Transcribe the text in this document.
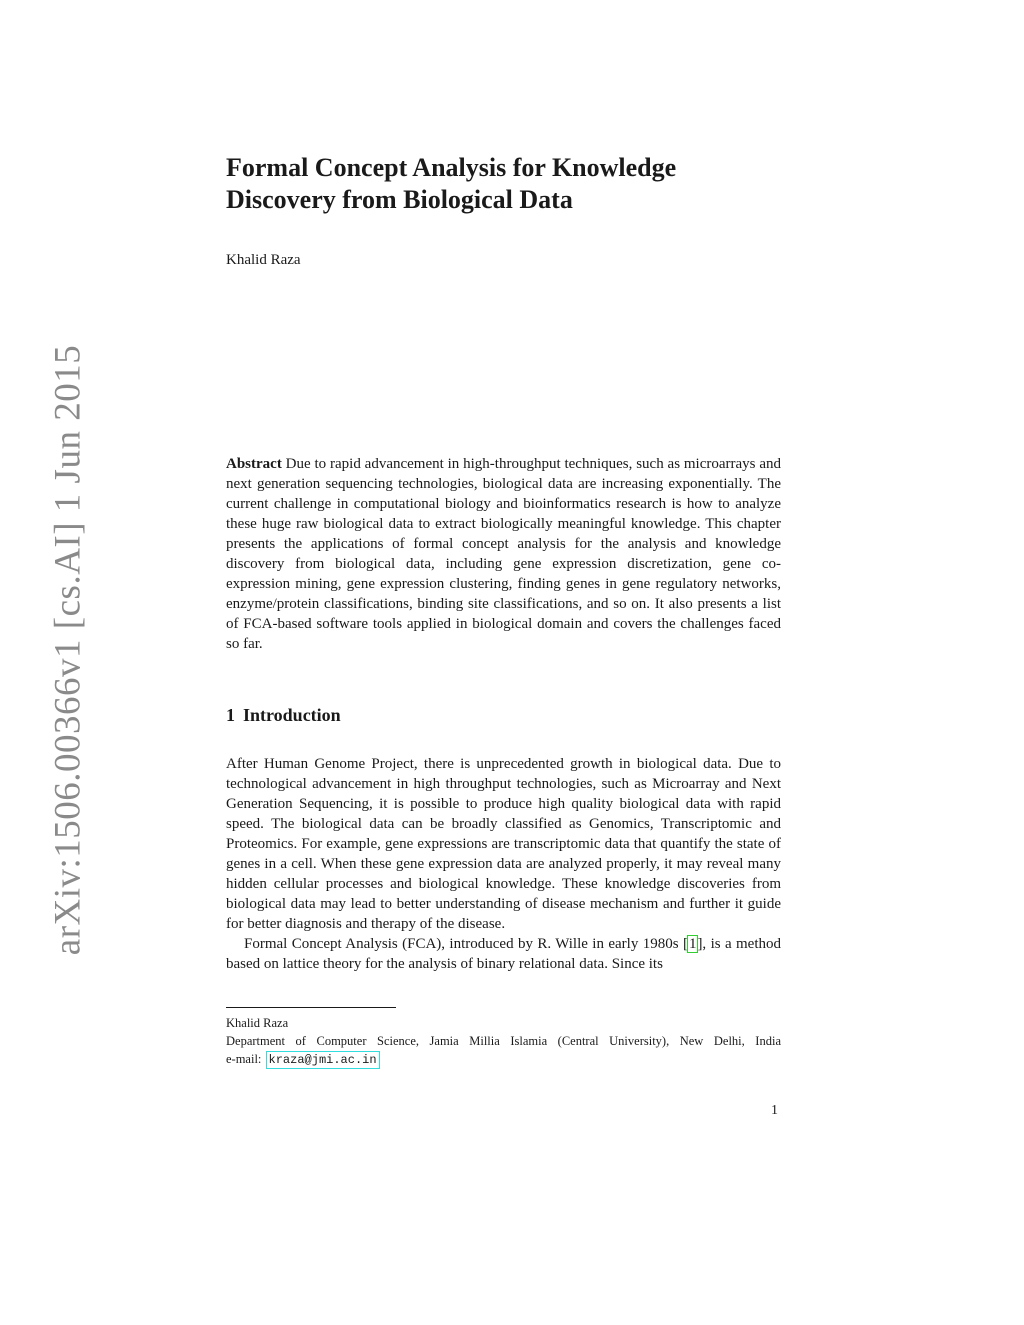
arXiv:1506.00366v1 [cs.AI] 1 Jun 2015
Formal Concept Analysis for Knowledge
Discovery from Biological Data
Khalid Raza

Abstract Due to rapid advancement in high-throughput techniques, such as microarrays and next generation sequencing technologies, biological data are increasing exponentially. The current challenge in computational biology and bioinformatics research is how to analyze these huge raw biological data to extract biologically meaningful knowledge. This chapter presents the applications of formal concept analysis for the analysis and knowledge discovery from biological data, including gene expression discretization, gene co-expression mining, gene expression clustering, finding genes in gene regulatory networks, enzyme/protein classifications, binding site classifications, and so on. It also presents a list of FCA-based software tools applied in biological domain and covers the challenges faced so far.

1 Introduction

After Human Genome Project, there is unprecedented growth in biological data. Due to technological advancement in high throughput technologies, such as Microarray and Next Generation Sequencing, it is possible to produce high quality biological data with rapid speed. The biological data can be broadly classified as Genomics, Transcriptomic and Proteomics. For example, gene expressions are transcriptomic data that quantify the state of genes in a cell. When these gene expression data are analyzed properly, it may reveal many hidden cellular processes and biological knowledge. These knowledge discoveries from biological data may lead to better understanding of disease mechanism and further it guide for better diagnosis and therapy of the disease.

Formal Concept Analysis (FCA), introduced by R. Wille in early 1980s [1], is a method based on lattice theory for the analysis of binary relational data. Since its

Khalid Raza
Department of Computer Science, Jamia Millia Islamia (Central University), New Delhi, India
e-mail: kraza@jmi.ac.in
1
